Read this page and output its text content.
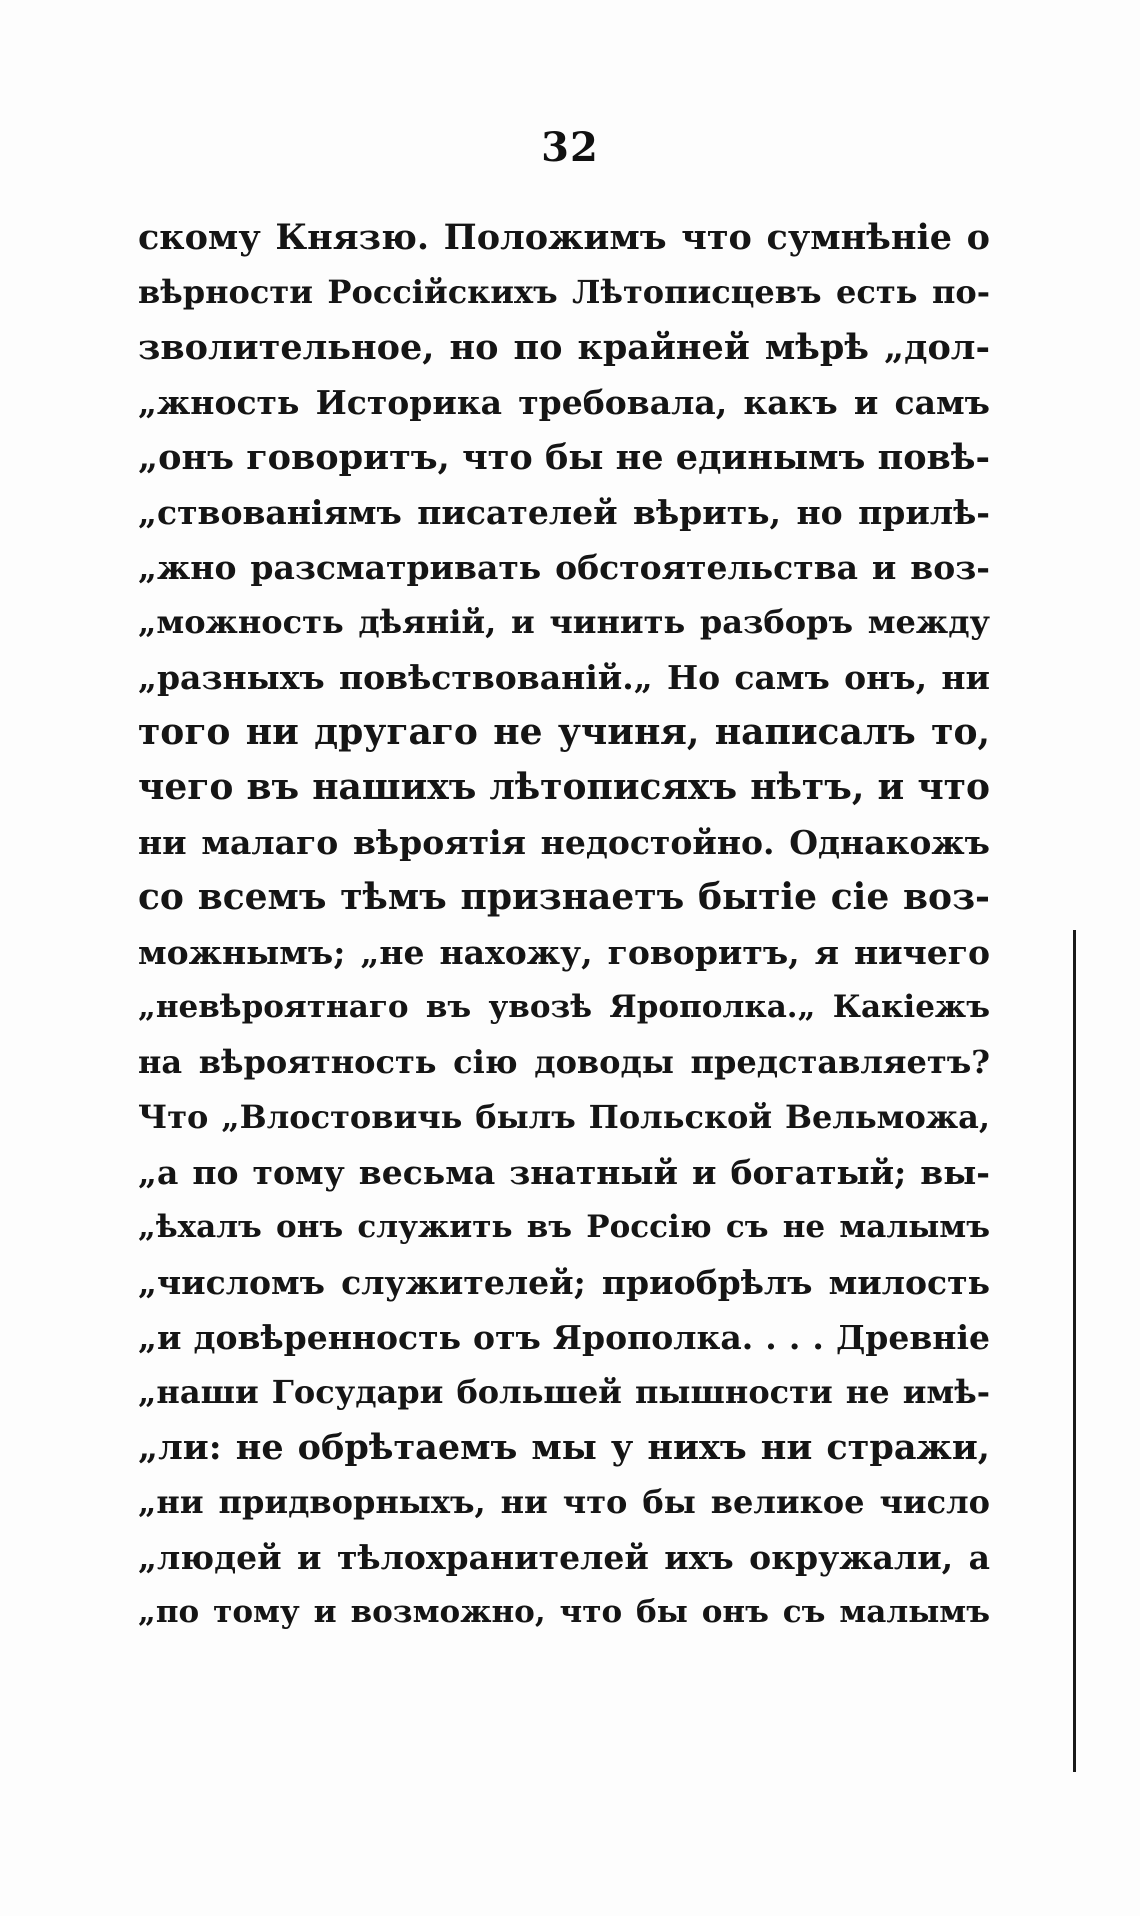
32
скому Князю. Положимъ что сумнѣніе о
вѣрности Россійскихъ Лѣтописцевъ есть по-
зволительное, но по крайней мѣрѣ „дол-
„жность Историка требовала, какъ и самъ
„онъ говоритъ, что бы не единымъ повѣ-
„ствованіямъ писателей вѣрить, но прилѣ-
„жно разсматривать обстоятельства и воз-
„можность дѣяній, и чинить разборъ между
„разныхъ повѣствованій.„ Но самъ онъ, ни
того ни другаго не учиня, написалъ то,
чего въ нашихъ лѣтописяхъ нѣтъ, и что
ни малаго вѣроятія недостойно. Однакожъ
со всемъ тѣмъ признаетъ бытіе сіе воз-
можнымъ; „не нахожу, говоритъ, я ничего
„невѣроятнаго въ увозѣ Ярополка.„ Какіежъ
на вѣроятность сію доводы представляетъ?
Что „Влостовичь былъ Польской Вельможа,
„а по тому весьма знатный и богатый; вы-
„ѣхалъ онъ служить въ Россію съ не малымъ
„числомъ служителей; приобрѣлъ милость
„и довѣренность отъ Ярополка. . . . Древніе
„наши Государи большей пышности не имѣ-
„ли: не обрѣтаемъ мы у нихъ ни стражи,
„ни придворныхъ, ни что бы великое число
„людей и тѣлохранителей ихъ окружали, а
„по тому и возможно, что бы онъ съ малымъ
